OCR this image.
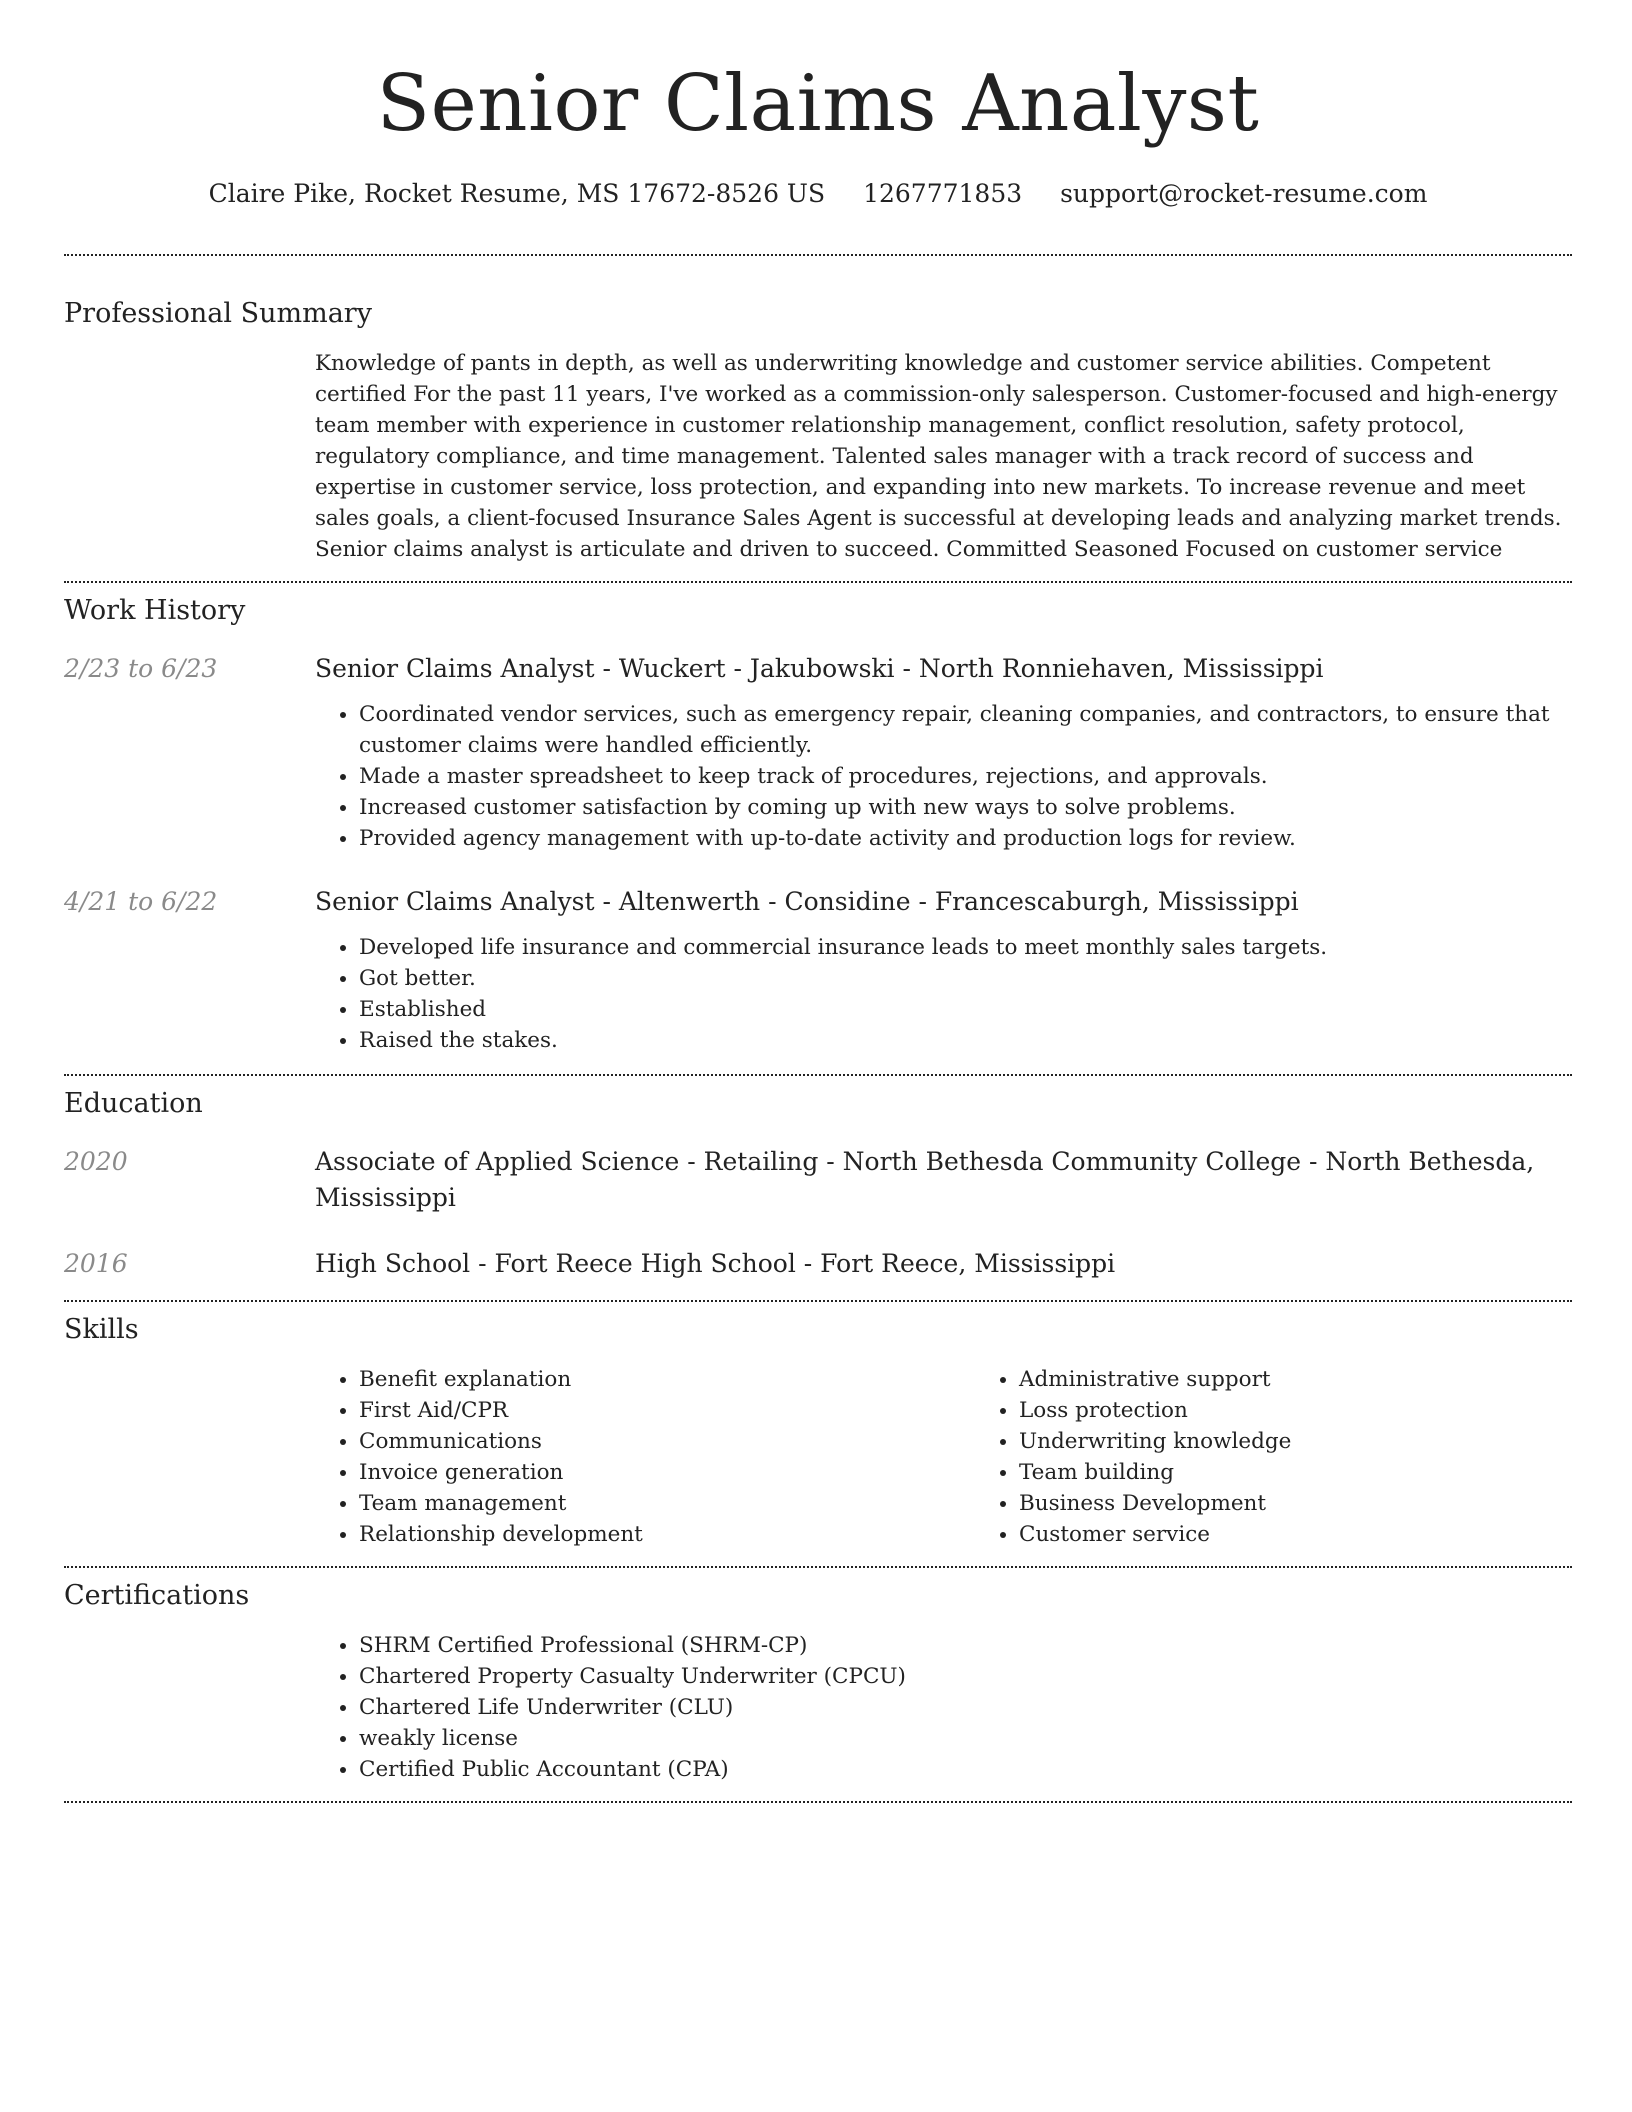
Senior Claims Analyst
Claire Pike, Rocket Resume, MS 17672-8526 US 1267771853 support@rocket-resume.com
Professional Summary
Knowledge of pants in depth, as well as underwriting knowledge and customer service abilities. Competent certified For the past 11 years, I've worked as a commission-only salesperson. Customer-focused and high-energy team member with experience in customer relationship management, conflict resolution, safety protocol, regulatory compliance, and time management. Talented sales manager with a track record of success and expertise in customer service, loss protection, and expanding into new markets. To increase revenue and meet sales goals, a client-focused Insurance Sales Agent is successful at developing leads and analyzing market trends. Senior claims analyst is articulate and driven to succeed. Committed Seasoned Focused on customer service
Work History
2/23 to 6/23	Senior Claims Analyst - Wuckert - Jakubowski - North Ronniehaven, Mississippi
• Coordinated vendor services, such as emergency repair, cleaning companies, and contractors, to ensure that customer claims were handled efficiently.
• Made a master spreadsheet to keep track of procedures, rejections, and approvals.
• Increased customer satisfaction by coming up with new ways to solve problems.
• Provided agency management with up-to-date activity and production logs for review.
4/21 to 6/22	Senior Claims Analyst - Altenwerth - Considine - Francescaburgh, Mississippi
• Developed life insurance and commercial insurance leads to meet monthly sales targets.
• Got better.
• Established
• Raised the stakes.
Education
2020	Associate of Applied Science - Retailing - North Bethesda Community College - North Bethesda, Mississippi
2016	High School - Fort Reece High School - Fort Reece, Mississippi
Skills
• Benefit explanation
• First Aid/CPR
• Communications
• Invoice generation
• Team management
• Relationship development
• Administrative support
• Loss protection
• Underwriting knowledge
• Team building
• Business Development
• Customer service
Certifications
• SHRM Certified Professional (SHRM-CP)
• Chartered Property Casualty Underwriter (CPCU)
• Chartered Life Underwriter (CLU)
• weakly license
• Certified Public Accountant (CPA)
